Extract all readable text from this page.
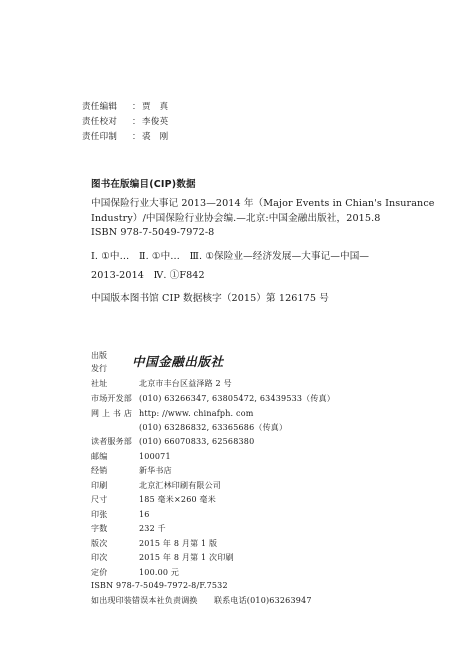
责任编辑 ：贾　真
责任校对 ：李俊英
责任印制 ：裘　刚
图书在版编目(CIP)数据
中国保险行业大事记 2013—2014 年（Major Events in Chian's Insurance
Industry）/中国保险行业协会编.—北京:中国金融出版社，2015.8
ISBN 978-7-5049-7972-8
Ⅰ. ①中…　Ⅱ. ①中…　Ⅲ. ①保险业—经济发展—大事记—中国—
2013-2014　Ⅳ. ①F842
中国版本图书馆 CIP 数据核字（2015）第 126175 号
出版
发行 中国金融出版社
社址	北京市丰台区益泽路 2 号
市场开发部 (010) 63266347, 63805472, 63439533（传真）
网 上 书 店 http: //www. chinafph. com
(010) 63286832, 63365686（传真）
读者服务部 (010) 66070833, 62568380
邮编	100071
经销	新华书店
印刷	北京汇林印刷有限公司
尺寸	185 毫米×260 毫米
印张	16
字数	232 千
版次	2015 年 8 月第 1 版
印次	2015 年 8 月第 1 次印刷
定价	100.00 元
ISBN 978-7-5049-7972-8/F.7532
如出现印装错误本社负责调换　　联系电话(010)63263947
